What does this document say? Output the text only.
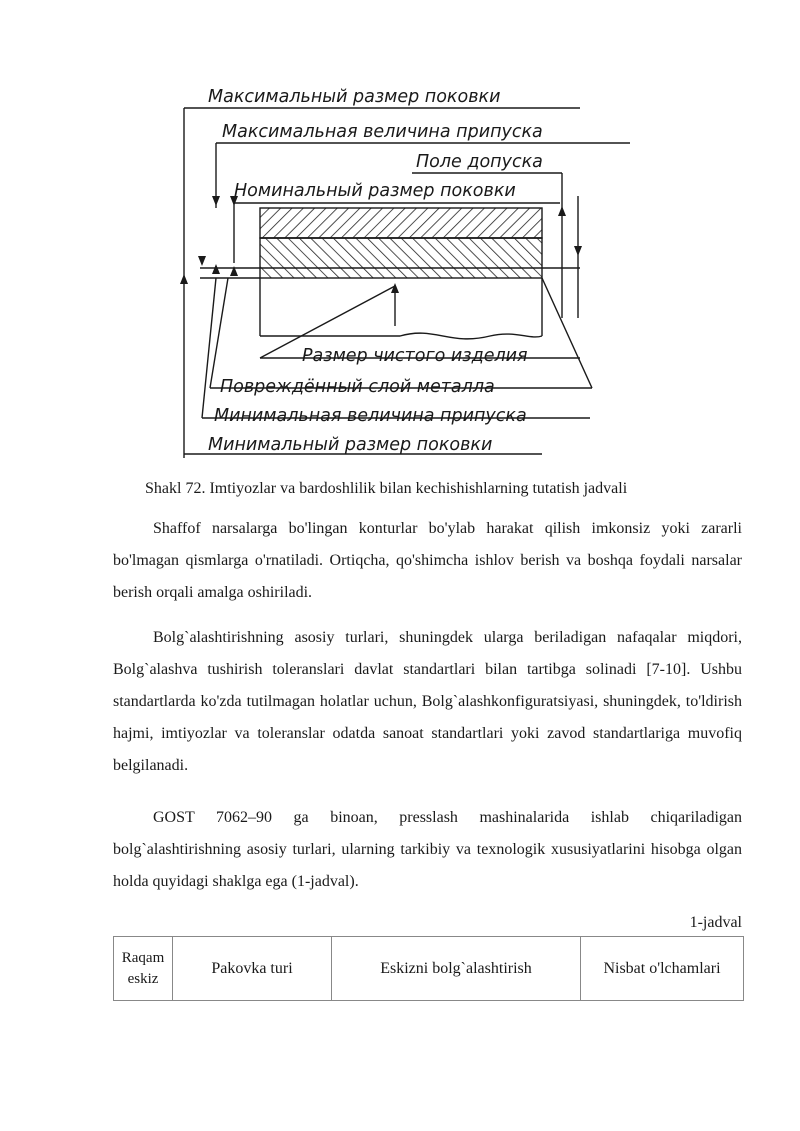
Максимальный размер поковки
Максимальная величина припуска
Поле допуска
Номинальный размер поковки
Размер чистого изделия
Повреждённый слой металла
Минимальная величина припуска
Минимальный размер поковки
Shakl 72. Imtiyozlar va bardoshlilik bilan kechishishlarning tutatish jadvali

Shaffof narsalarga bo'lingan konturlar bo'ylab harakat qilish imkonsiz yoki zararli bo'lmagan qismlarga o'rnatiladi. Ortiqcha, qo'shimcha ishlov berish va boshqa foydali narsalar berish orqali amalga oshiriladi.

Bolg`alashtirishning asosiy turlari, shuningdek ularga beriladigan nafaqalar miqdori, Bolg`alashva tushirish toleranslari davlat standartlari bilan tartibga solinadi [7-10]. Ushbu standartlarda ko'zda tutilmagan holatlar uchun, Bolg`alashkonfiguratsiyasi, shuningdek, to'ldirish hajmi, imtiyozlar va toleranslar odatda sanoat standartlari yoki zavod standartlariga muvofiq belgilanadi.

GOST 7062–90 ga binoan, presslash mashinalarida ishlab chiqariladigan bolg`alashtirishning asosiy turlari, ularning tarkibiy va texnologik xususiyatlarini hisobga olgan holda quyidagi shaklga ega (1-jadval).

1-jadval
Raqam eskiz	Pakovka turi	Eskizni bolg`alashtirish	Nisbat o'lchamlari
